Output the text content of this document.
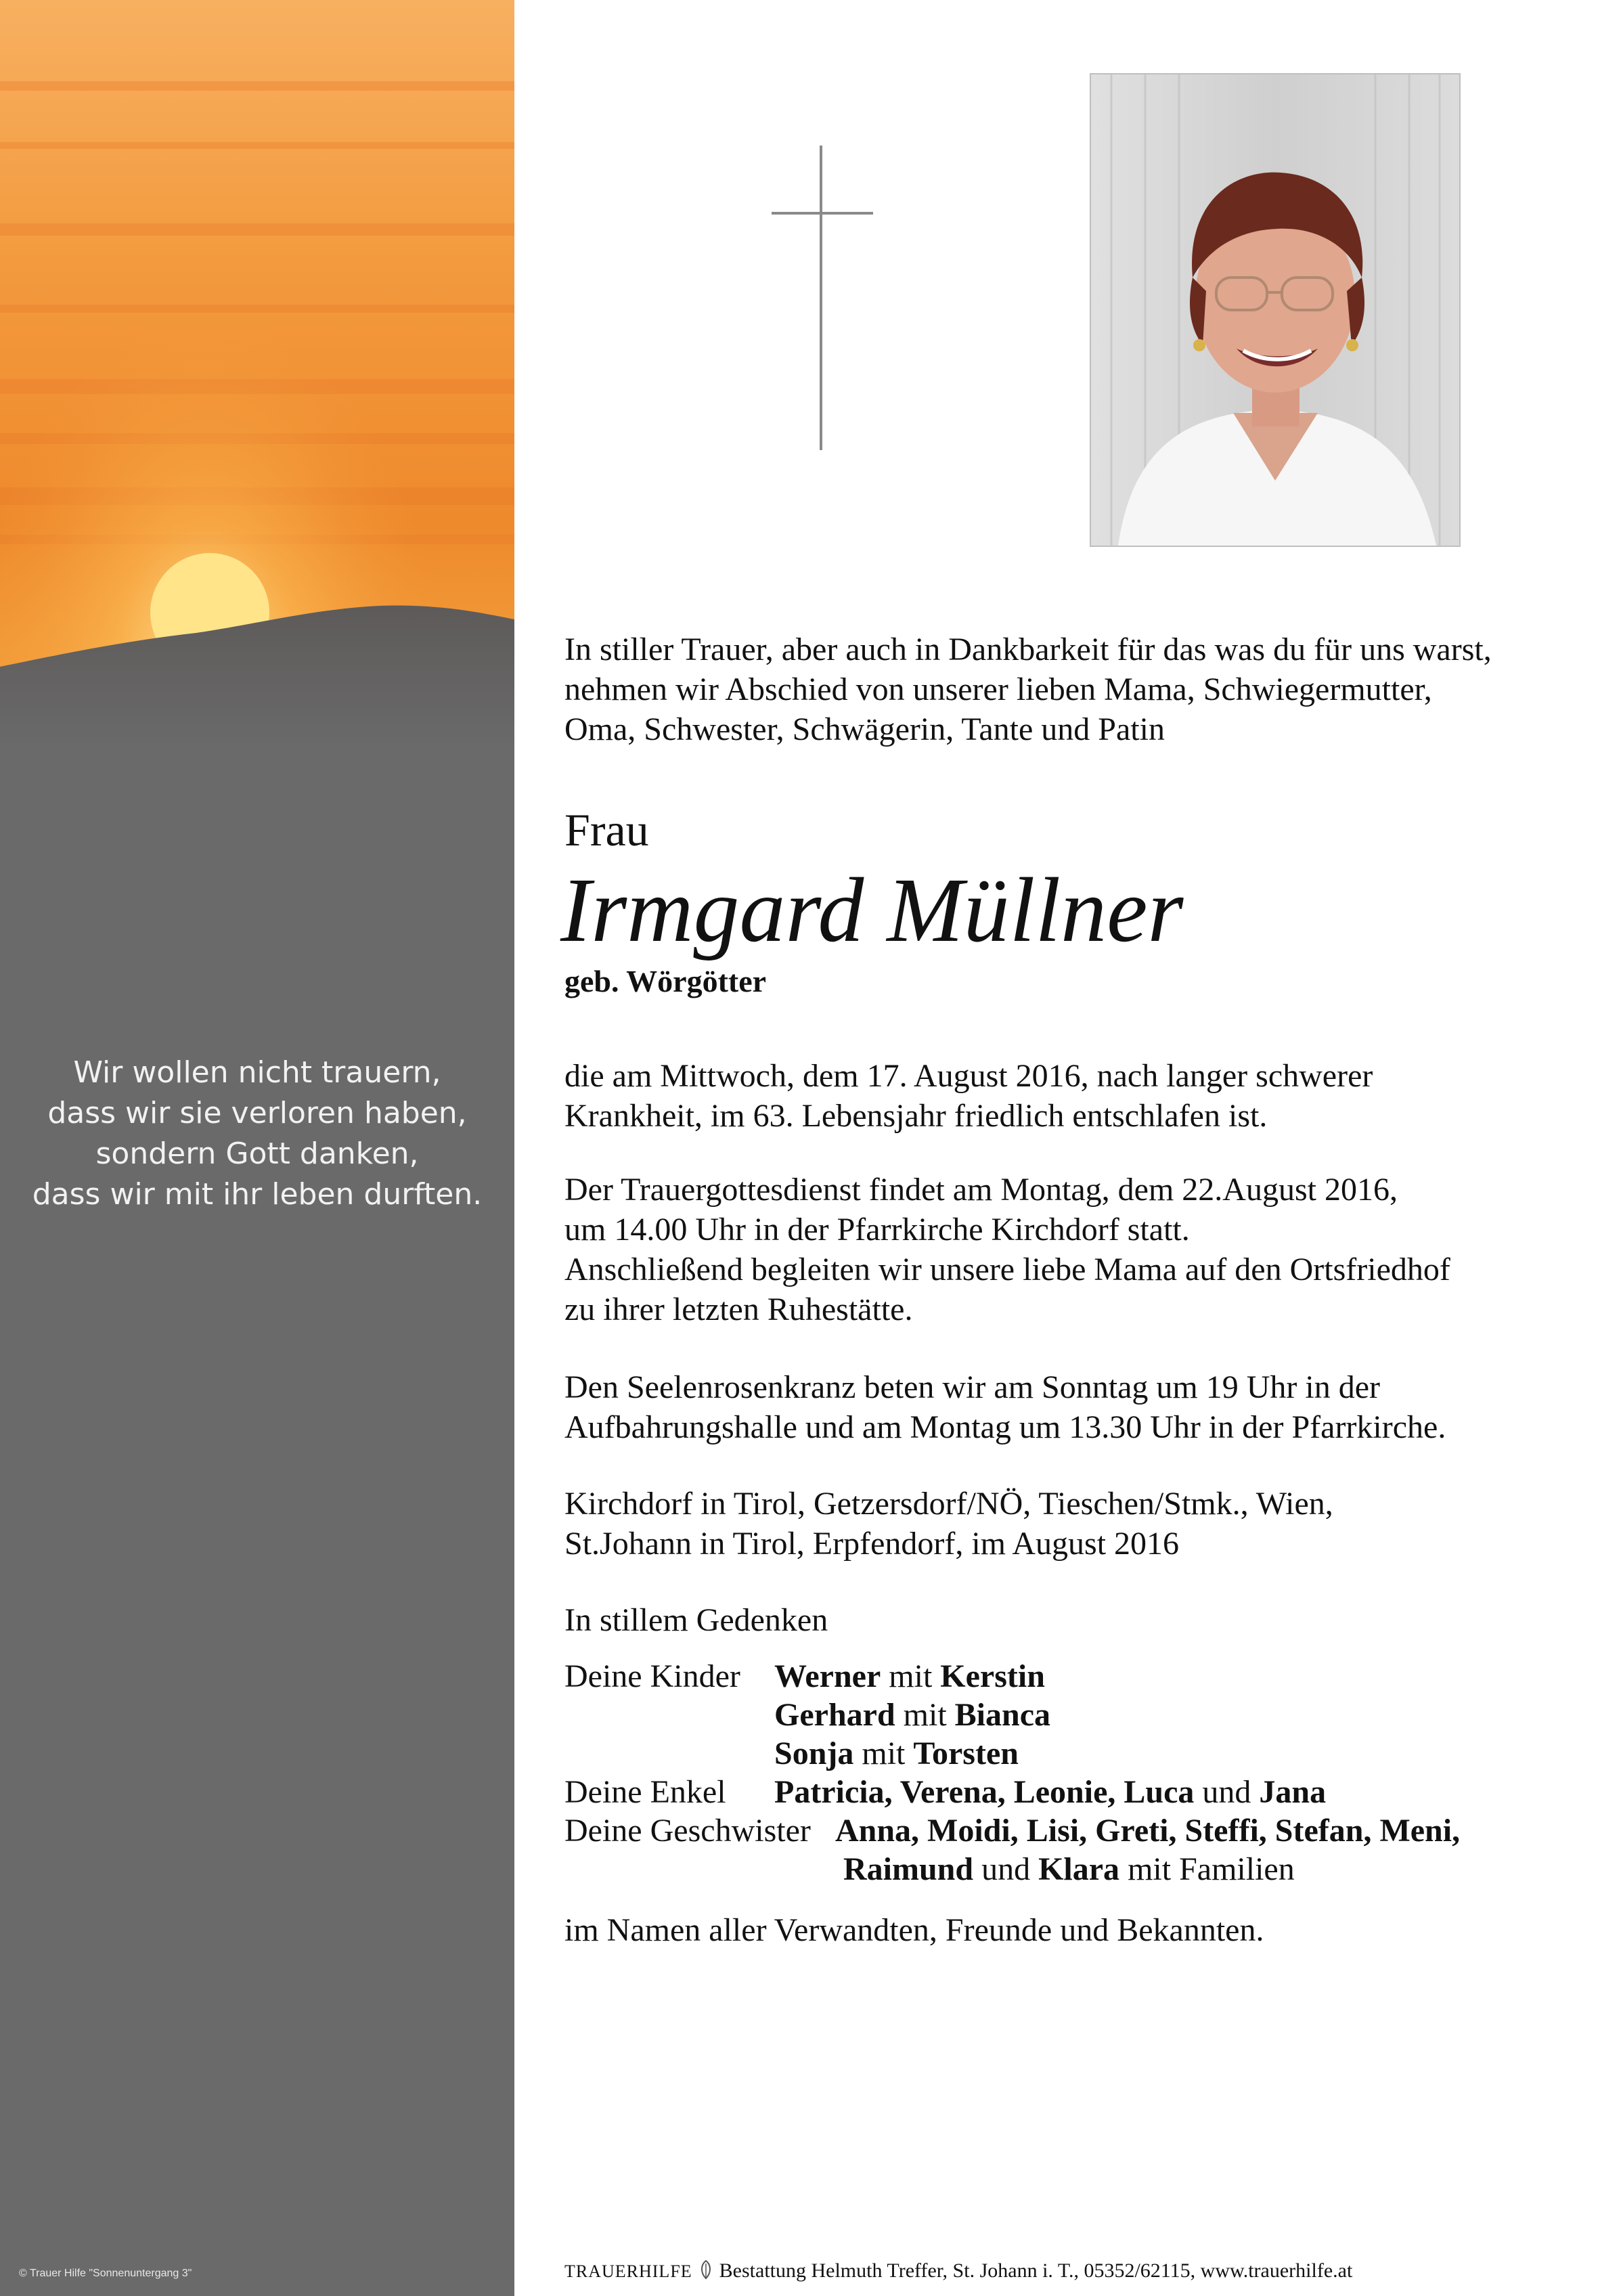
Wir wollen nicht trauern,
dass wir sie verloren haben,
sondern Gott danken,
dass wir mit ihr leben durften.
© Trauer Hilfe "Sonnenuntergang 3"

In stiller Trauer, aber auch in Dankbarkeit für das was du für uns warst,

nehmen wir Abschied von unserer lieben Mama, Schwiegermutter,

Oma, Schwester, Schwägerin, Tante und Patin

Frau
Irmgard Müllner
geb. Wörgötter

die am Mittwoch, dem 17. August 2016, nach langer schwerer

Krankheit, im 63. Lebensjahr friedlich entschlafen ist.

Der Trauergottesdienst findet am Montag, dem 22.August 2016,

um 14.00 Uhr in der Pfarrkirche Kirchdorf statt.

Anschließend begleiten wir unsere liebe Mama auf den Ortsfriedhof

zu ihrer letzten Ruhestätte.

Den Seelenrosenkranz beten wir am Sonntag um 19 Uhr in der

Aufbahrungshalle und am Montag um 13.30 Uhr in der Pfarrkirche.

Kirchdorf in Tirol, Getzersdorf/NÖ, Tieschen/Stmk., Wien,

St.Johann in Tirol, Erpfendorf, im August 2016

In stillem Gedenken
Deine Kinder Werner mit Kerstin
Gerhard mit Bianca
Sonja mit Torsten
Deine Enkel Patricia, Verena, Leonie, Luca und Jana
Deine Geschwister Anna, Moidi, Lisi, Greti, Steffi, Stefan, Meni,
Raimund und Klara mit Familien
im Namen aller Verwandten, Freunde und Bekannten.
TRAUERHILFE Bestattung Helmuth Treffer, St. Johann i. T., 05352/62115, www.trauerhilfe.at
